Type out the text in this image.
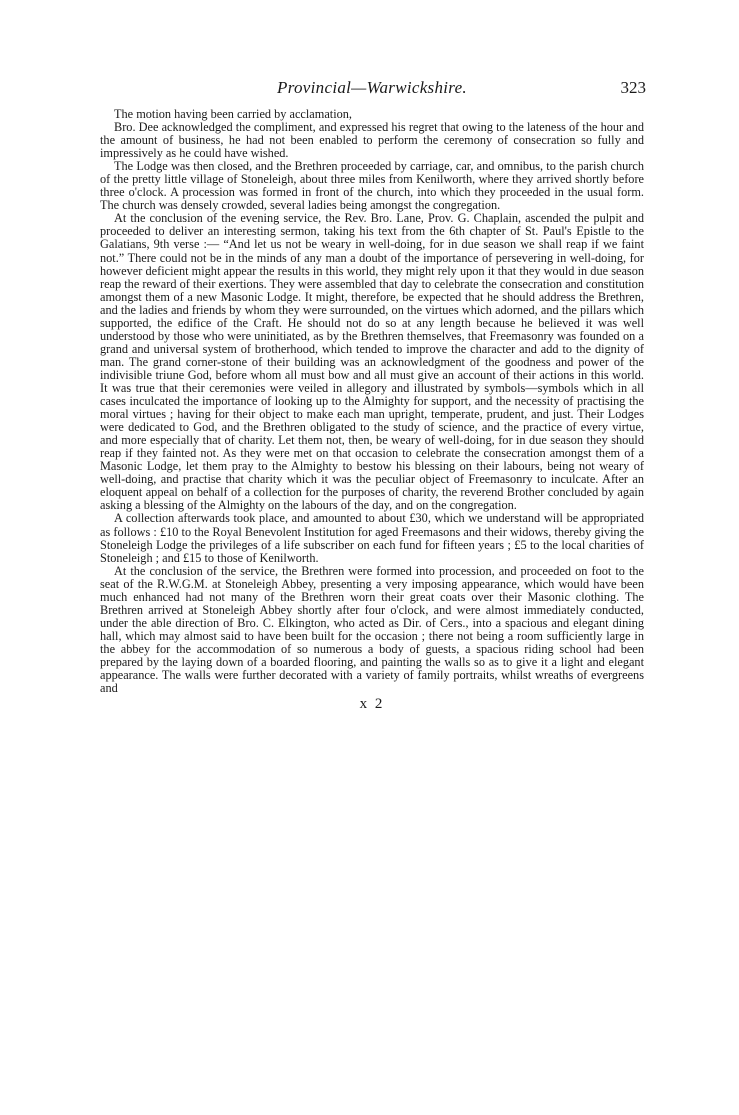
Provincial—Warwickshire.	323

The motion having been carried by acclamation,

Bro. Dee acknowledged the compliment, and expressed his regret that owing to the lateness of the hour and the amount of business, he had not been enabled to perform the ceremony of consecration so fully and impressively as he could have wished.

The Lodge was then closed, and the Brethren proceeded by carriage, car, and omnibus, to the parish church of the pretty little village of Stoneleigh, about three miles from Kenilworth, where they arrived shortly before three o'clock. A procession was formed in front of the church, into which they proceeded in the usual form. The church was densely crowded, several ladies being amongst the congregation.

At the conclusion of the evening service, the Rev. Bro. Lane, Prov. G. Chaplain, ascended the pulpit and proceeded to deliver an interesting sermon, taking his text from the 6th chapter of St. Paul's Epistle to the Galatians, 9th verse :— “And let us not be weary in well-doing, for in due season we shall reap if we faint not.” There could not be in the minds of any man a doubt of the importance of persevering in well-doing, for however deficient might appear the results in this world, they might rely upon it that they would in due season reap the reward of their exertions. They were assembled that day to celebrate the consecration and constitution amongst them of a new Masonic Lodge. It might, therefore, be expected that he should address the Brethren, and the ladies and friends by whom they were surrounded, on the virtues which adorned, and the pillars which supported, the edifice of the Craft. He should not do so at any length because he believed it was well understood by those who were uninitiated, as by the Brethren themselves, that Freemasonry was founded on a grand and universal system of brotherhood, which tended to improve the character and add to the dignity of man. The grand corner-stone of their building was an acknowledgment of the goodness and power of the indivisible triune God, before whom all must bow and all must give an account of their actions in this world. It was true that their ceremonies were veiled in allegory and illustrated by symbols—symbols which in all cases inculcated the importance of looking up to the Almighty for support, and the necessity of practising the moral virtues ; having for their object to make each man upright, temperate, prudent, and just. Their Lodges were dedicated to God, and the Brethren obligated to the study of science, and the practice of every virtue, and more especially that of charity. Let them not, then, be weary of well-doing, for in due season they should reap if they fainted not. As they were met on that occasion to celebrate the consecration amongst them of a Masonic Lodge, let them pray to the Almighty to bestow his blessing on their labours, being not weary of well-doing, and practise that charity which it was the peculiar object of Freemasonry to inculcate. After an eloquent appeal on behalf of a collection for the purposes of charity, the reverend Brother concluded by again asking a blessing of the Almighty on the labours of the day, and on the congregation.

A collection afterwards took place, and amounted to about £30, which we understand will be appropriated as follows : £10 to the Royal Benevolent Institution for aged Freemasons and their widows, thereby giving the Stoneleigh Lodge the privileges of a life subscriber on each fund for fifteen years ; £5 to the local charities of Stoneleigh ; and £15 to those of Kenilworth.

At the conclusion of the service, the Brethren were formed into procession, and proceeded on foot to the seat of the R.W.G.M. at Stoneleigh Abbey, presenting a very imposing appearance, which would have been much enhanced had not many of the Brethren worn their great coats over their Masonic clothing. The Brethren arrived at Stoneleigh Abbey shortly after four o'clock, and were almost immediately conducted, under the able direction of Bro. C. Elkington, who acted as Dir. of Cers., into a spacious and elegant dining hall, which may almost said to have been built for the occasion ; there not being a room sufficiently large in the abbey for the accommodation of so numerous a body of guests, a spacious riding school had been prepared by the laying down of a boarded flooring, and painting the walls so as to give it a light and elegant appearance. The walls were further decorated with a variety of family portraits, whilst wreaths of evergreens and

x 2
